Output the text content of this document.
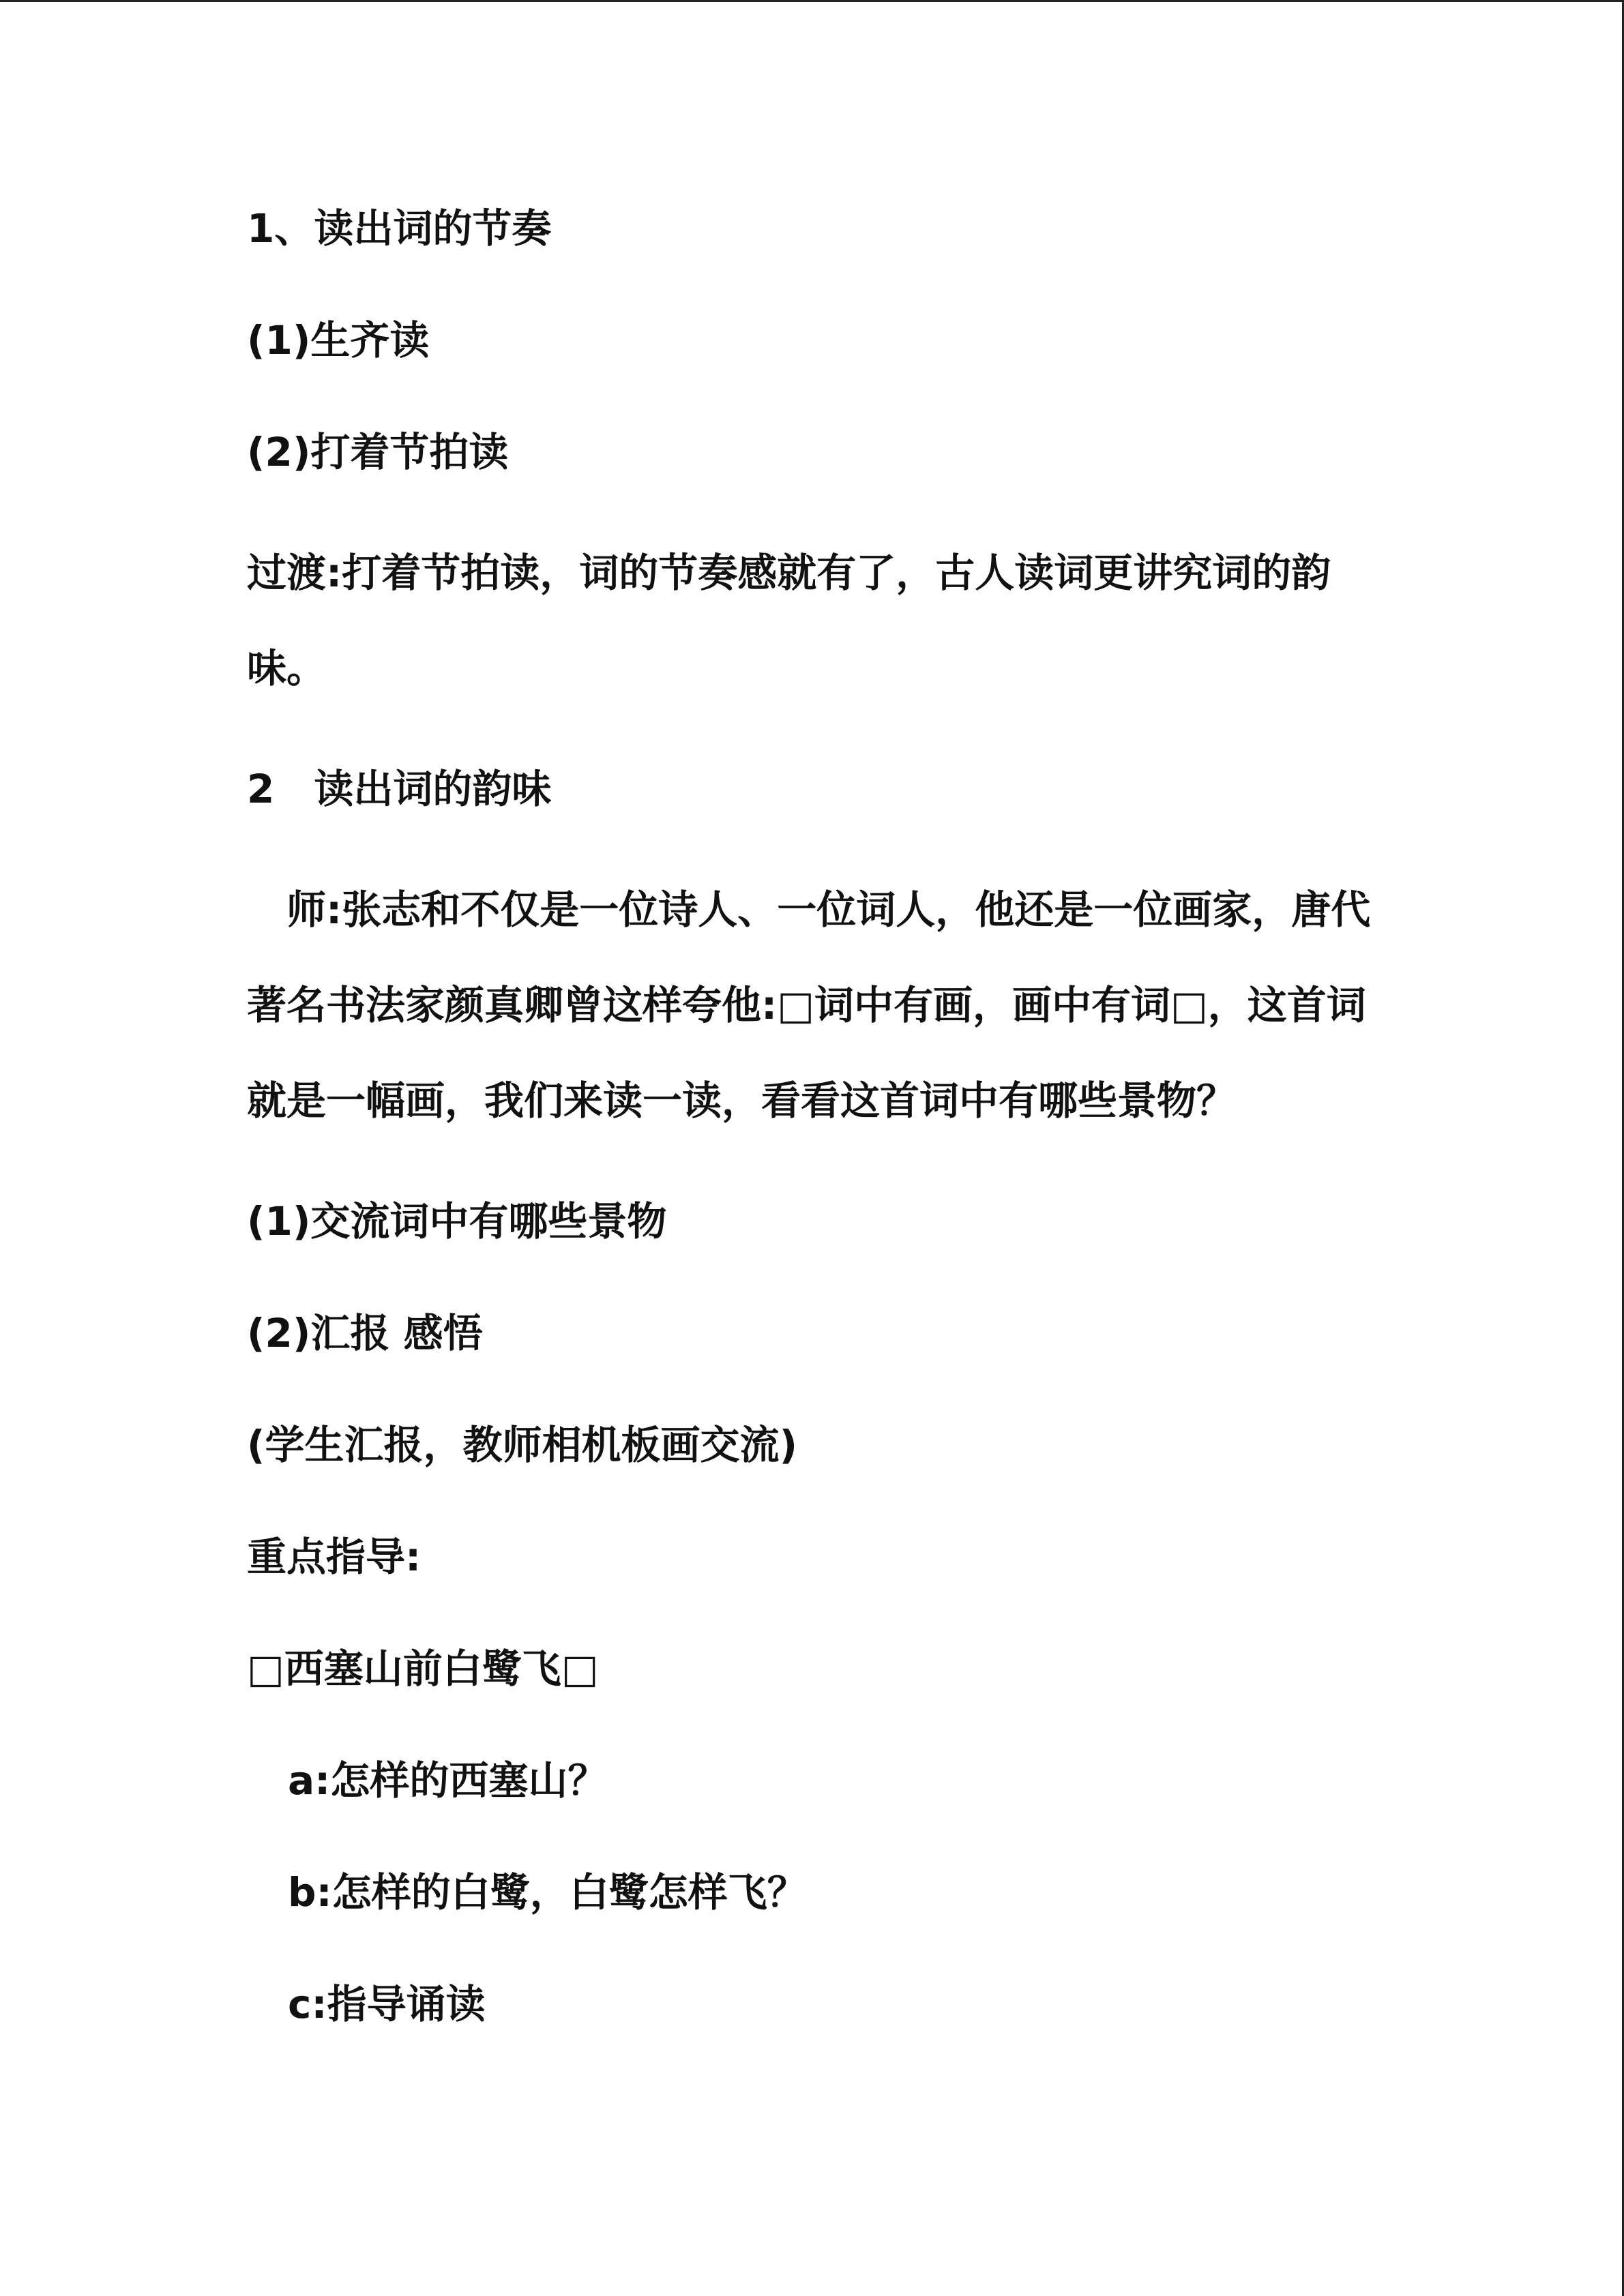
1、读出词的节奏

(1)生齐读

(2)打着节拍读

过渡:打着节拍读，词的节奏感就有了，古人读词更讲究词的韵味。

2　读出词的韵味

　师:张志和不仅是一位诗人、一位词人，他还是一位画家，唐代著名书法家颜真卿曾这样夸他:□词中有画，画中有词□，这首词就是一幅画，我们来读一读，看看这首词中有哪些景物？

(1)交流词中有哪些景物

(2)汇报 感悟

(学生汇报，教师相机板画交流)

重点指导:

□西塞山前白鹭飞□

a:怎样的西塞山？

b:怎样的白鹭，白鹭怎样飞？

c:指导诵读
